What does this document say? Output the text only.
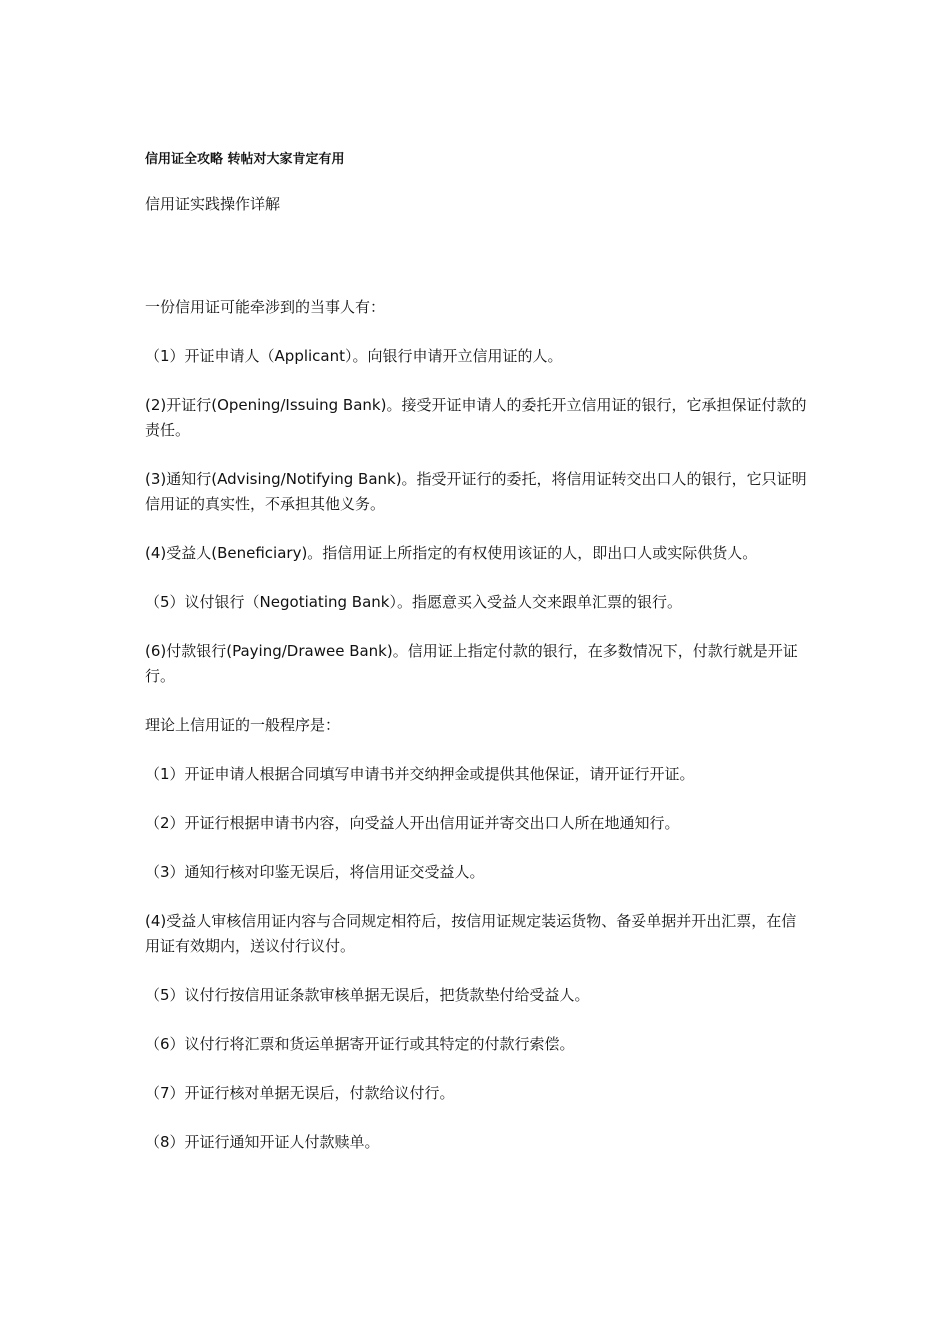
信用证全攻略 转帖对大家肯定有用

信用证实践操作详解

一份信用证可能牵涉到的当事人有：

（1）开证申请人（Applicant）。向银行申请开立信用证的人。

(2)开证行(Opening/Issuing Bank)。接受开证申请人的委托开立信用证的银行，它承担保证付款的责任。

(3)通知行(Advising/Notifying Bank)。指受开证行的委托，将信用证转交出口人的银行，它只证明信用证的真实性，不承担其他义务。

(4)受益人(Beneficiary)。指信用证上所指定的有权使用该证的人，即出口人或实际供货人。

（5）议付银行（Negotiating Bank）。指愿意买入受益人交来跟单汇票的银行。

(6)付款银行(Paying/Drawee Bank)。信用证上指定付款的银行，在多数情况下，付款行就是开证行。

理论上信用证的一般程序是：

（1）开证申请人根据合同填写申请书并交纳押金或提供其他保证，请开证行开证。

（2）开证行根据申请书内容，向受益人开出信用证并寄交出口人所在地通知行。

（3）通知行核对印鉴无误后，将信用证交受益人。

(4)受益人审核信用证内容与合同规定相符后，按信用证规定装运货物、备妥单据并开出汇票，在信用证有效期内，送议付行议付。

（5）议付行按信用证条款审核单据无误后，把货款垫付给受益人。

（6）议付行将汇票和货运单据寄开证行或其特定的付款行索偿。

（7）开证行核对单据无误后，付款给议付行。

（8）开证行通知开证人付款赎单。
